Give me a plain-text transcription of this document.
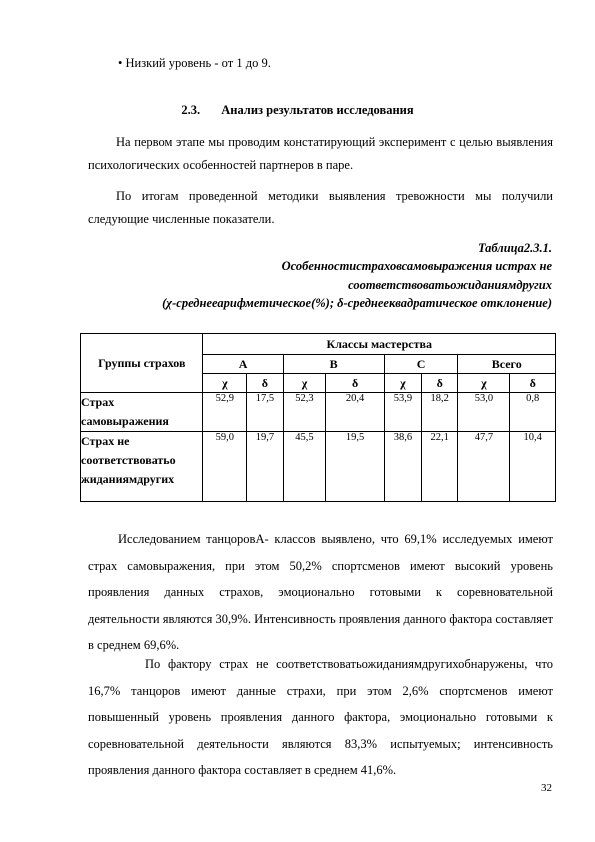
• Низкий уровень - от 1 до 9.
2.3. Анализ результатов исследования
На первом этапе мы проводим констатирующий эксперимент с целью выявления психологических особенностей партнеров в паре.
По итогам проведенной методики выявления тревожности мы получили следующие численные показатели.
Таблица2.3.1.
Особенностистраховсамовыражения истрах не
соответствоватьожиданиямдругих
(χ-среднееарифметическое(%); δ-среднееквадратическое отклонение)
Группы страхов	Классы мастерства							
	A		B		C		Всего	
	χ	δ	χ	δ	χ	δ	χ	δ

Страх
самовыражения	52,9	17,5	52,3	20,4	53,9	18,2	53,0	0,8

Страх не
соответствоватьо
жиданиямдругих	59,0	19,7	45,5	19,5	38,6	22,1	47,7	10,4
Исследованием танцоровА- классов выявлено, что 69,1% исследуемых имеют страх самовыражения, при этом 50,2% спортсменов имеют высокий уровень проявления данных страхов, эмоционально готовыми к соревновательной деятельности являются 30,9%. Интенсивность проявления данного фактора составляет в среднем 69,6%.
По фактору страх не соответствоватьожиданиямдругихобнаружены, что 16,7% танцоров имеют данные страхи, при этом 2,6% спортсменов имеют повышенный уровень проявления данного фактора, эмоционально готовыми к соревновательной деятельности являются 83,3% испытуемых; интенсивность проявления данного фактора составляет в среднем 41,6%.
32
